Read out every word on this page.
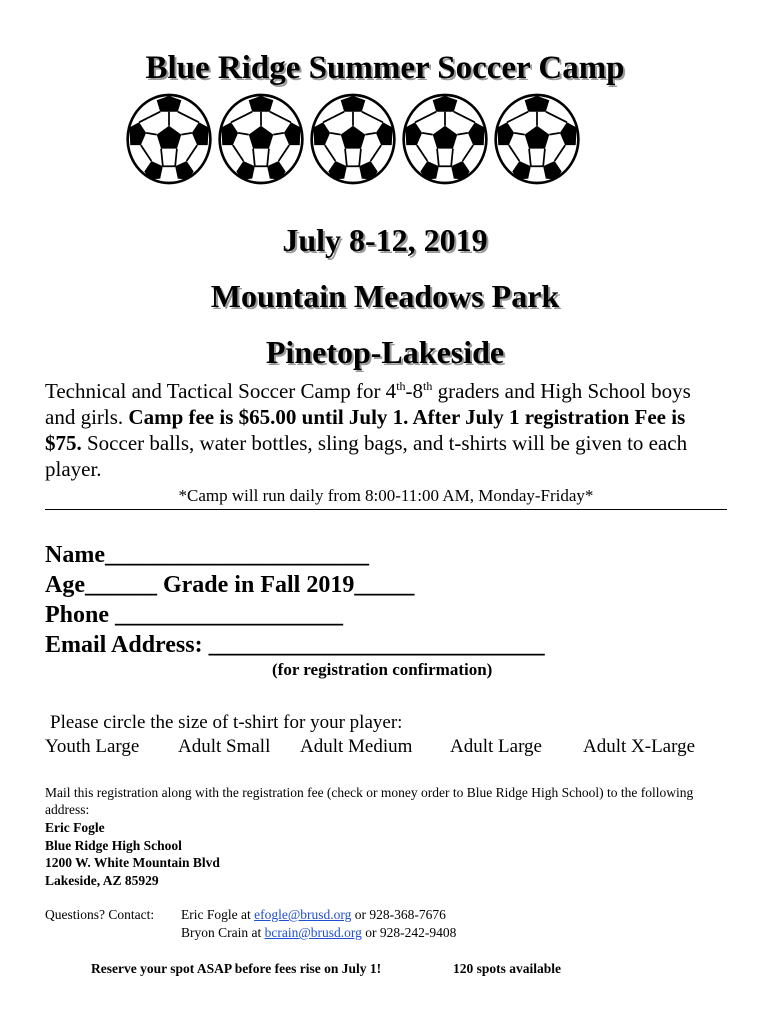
Blue Ridge Summer Soccer Camp
July 8-12, 2019
Mountain Meadows Park
Pinetop-Lakeside
Technical and Tactical Soccer Camp for 4th-8th graders and High School boys and girls. Camp fee is $65.00 until July 1. After July 1 registration Fee is $75. Soccer balls, water bottles, sling bags, and t-shirts will be given to each player.
*Camp will run daily from 8:00-11:00 AM, Monday-Friday*
Name______________________
Age______ Grade in Fall 2019_____
Phone ___________________
Email Address: ____________________________
(for registration confirmation)
Please circle the size of t-shirt for your player:
Youth Large Adult Small Adult Medium Adult Large Adult X-Large
Mail this registration along with the registration fee (check or money order to Blue Ridge High School) to the following address:
Eric Fogle
Blue Ridge High School
1200 W. White Mountain Blvd
Lakeside, AZ 85929
Questions? Contact: Eric Fogle at efogle@brusd.org or 928-368-7676
Bryon Crain at bcrain@brusd.org or 928-242-9408
Reserve your spot ASAP before fees rise on July 1!	120 spots available
